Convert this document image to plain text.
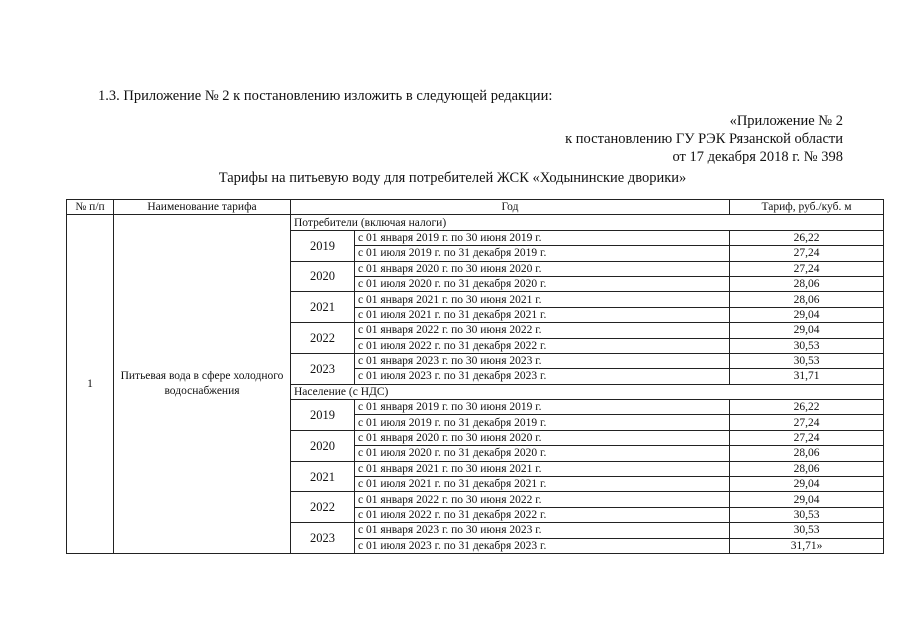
1.3. Приложение № 2 к постановлению изложить в следующей редакции:
«Приложение № 2
к постановлению ГУ РЭК Рязанской области
от 17 декабря 2018 г. № 398
Тарифы на питьевую воду для потребителей ЖСК «Ходынинские дворики»
№ п/п	Наименование тарифа	Год		Тариф, руб./куб. м
1	Питьевая вода в сфере холодного водоснабжения	Потребители (включая налоги)		
		2019	с 01 января 2019 г. по 30 июня 2019 г.	26,22
			с 01 июля 2019 г. по 31 декабря 2019 г.	27,24
		2020	с 01 января 2020 г. по 30 июня 2020 г.	27,24
			с 01 июля 2020 г. по 31 декабря 2020 г.	28,06
		2021	с 01 января 2021 г. по 30 июня 2021 г.	28,06
			с 01 июля 2021 г. по 31 декабря 2021 г.	29,04
		2022	с 01 января 2022 г. по 30 июня 2022 г.	29,04
			с 01 июля 2022 г. по 31 декабря 2022 г.	30,53
		2023	с 01 января 2023 г. по 30 июня 2023 г.	30,53
			с 01 июля 2023 г. по 31 декабря 2023 г.	31,71
		Население (с НДС)		
		2019	с 01 января 2019 г. по 30 июня 2019 г.	26,22
			с 01 июля 2019 г. по 31 декабря 2019 г.	27,24
		2020	с 01 января 2020 г. по 30 июня 2020 г.	27,24
			с 01 июля 2020 г. по 31 декабря 2020 г.	28,06
		2021	с 01 января 2021 г. по 30 июня 2021 г.	28,06
			с 01 июля 2021 г. по 31 декабря 2021 г.	29,04
		2022	с 01 января 2022 г. по 30 июня 2022 г.	29,04
			с 01 июля 2022 г. по 31 декабря 2022 г.	30,53
		2023	с 01 января 2023 г. по 30 июня 2023 г.	30,53
			с 01 июля 2023 г. по 31 декабря 2023 г.	31,71»
